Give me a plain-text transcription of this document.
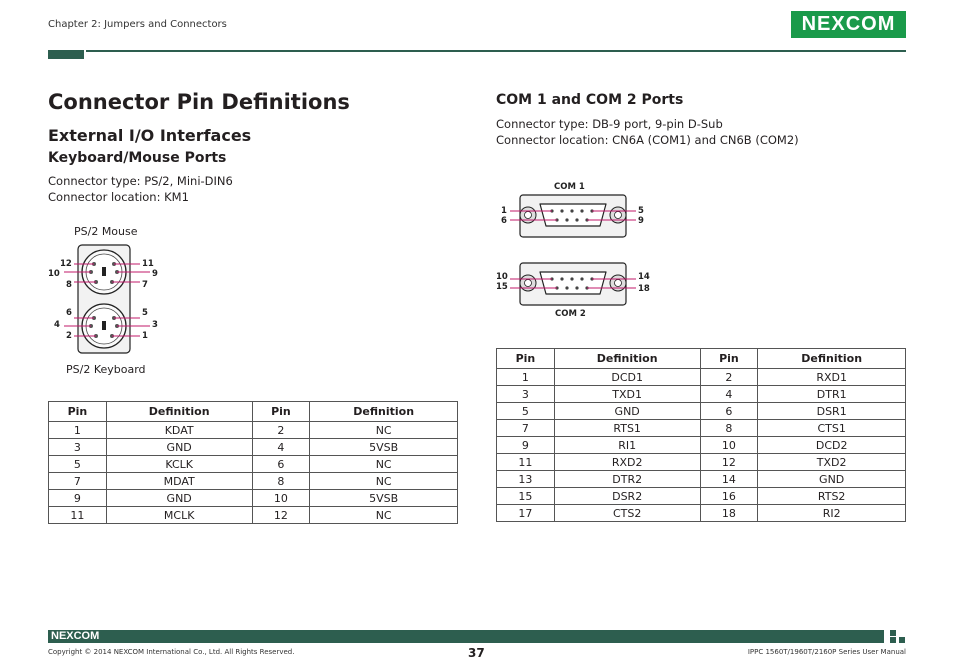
Chapter 2: Jumpers and Connectors	NEXCOM
Connector Pin Definitions
External I/O Interfaces
Keyboard/Mouse Ports
Connector type: PS/2, Mini-DIN6
Connector location: KM1
PS/2 Mouse
PS/2 Keyboard
12	11
10	9
8	7
6	5
4	3
2	1
Pin	Definition	Pin	Definition
1	KDAT	2	NC
3	GND	4	5VSB
5	KCLK	6	NC
7	MDAT	8	NC
9	GND	10	5VSB
11	MCLK	12	NC
COM 1 and COM 2 Ports
Connector type: DB-9 port, 9-pin D-Sub
Connector location: CN6A (COM1) and CN6B (COM2)
COM 1
COM 2
1
6
5
9
10
15
14
18
Pin	Definition	Pin	Definition
1	DCD1	2	RXD1
3	TXD1	4	DTR1
5	GND	6	DSR1
7	RTS1	8	CTS1
9	RI1	10	DCD2
11	RXD2	12	TXD2
13	DTR2	14	GND
15	DSR2	16	RTS2
17	CTS2	18	RI2
NEXCOM
Copyright © 2014 NEXCOM International Co., Ltd. All Rights Reserved.	37	IPPC 1560T/1960T/2160P Series User Manual
